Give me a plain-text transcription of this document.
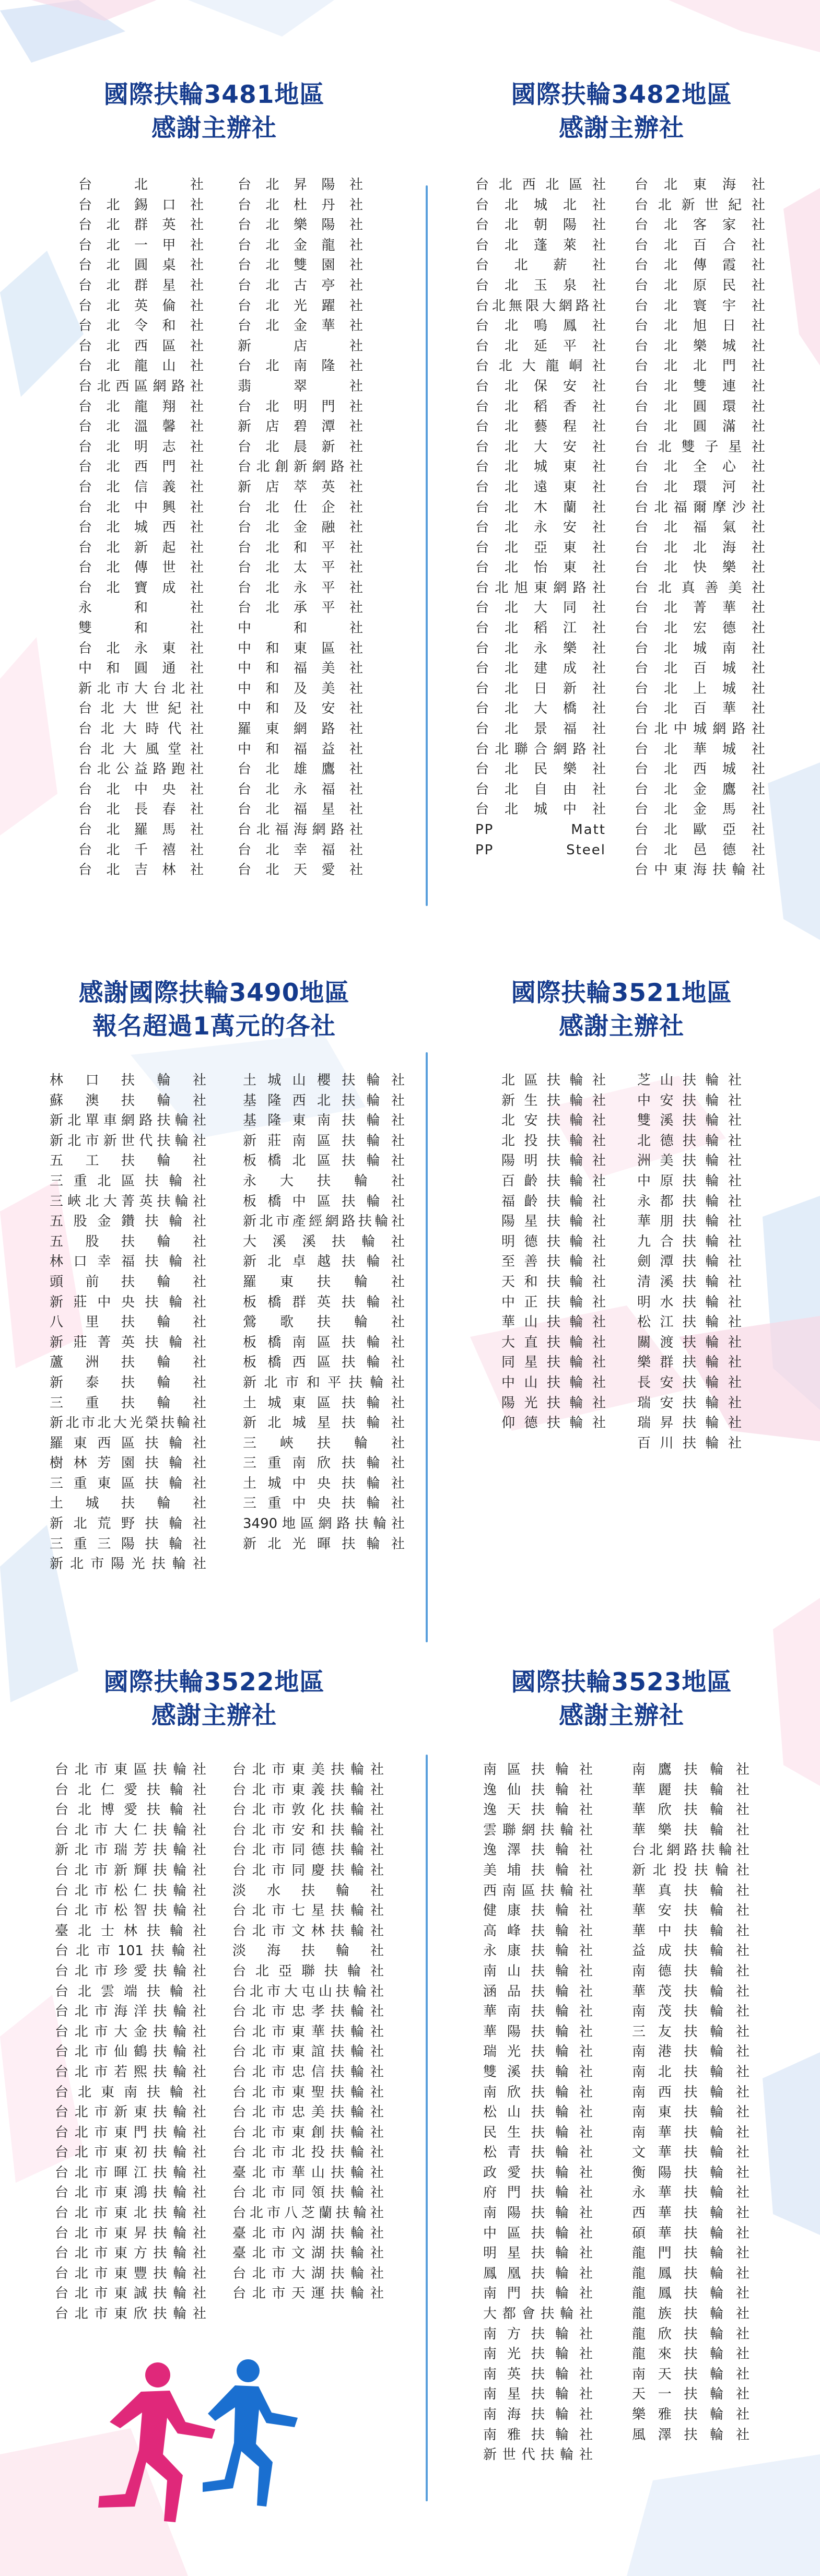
國際扶輪3481地區

感謝主辦社

台北社
台北錫口社
台北群英社
台北一甲社
台北圓桌社
台北群星社
台北英倫社
台北令和社
台北西區社
台北龍山社
台北西區網路社
台北龍翔社
台北溫馨社
台北明志社
台北西門社
台北信義社
台北中興社
台北城西社
台北新起社
台北傳世社
台北寶成社
永和社
雙和社
台北永東社
中和圓通社
新北市大台北社
台北大世紀社
台北大時代社
台北大風堂社
台北公益路跑社
台北中央社
台北長春社
台北羅馬社
台北千禧社
台北吉林社
台北昇陽社
台北杜丹社
台北樂陽社
台北金龍社
台北雙園社
台北古亭社
台北光躍社
台北金華社
新店社
台北南隆社
翡翠社
台北明門社
新店碧潭社
台北晨新社
台北創新網路社
新店萃英社
台北仕企社
台北金融社
台北和平社
台北太平社
台北永平社
台北承平社
中和社
中和東區社
中和福美社
中和及美社
中和及安社
羅東網路社
中和福益社
台北雄鷹社
台北永福社
台北福星社
台北福海網路社
台北幸福社
台北天愛社

國際扶輪3482地區

感謝主辦社

台北西北區社
台北城北社
台北朝陽社
台北蓬萊社
台北薪社
台北玉泉社
台北無限大網路社
台北鳴鳳社
台北延平社
台北大龍峒社
台北保安社
台北稻香社
台北藝程社
台北大安社
台北城東社
台北遠東社
台北木蘭社
台北永安社
台北亞東社
台北怡東社
台北旭東網路社
台北大同社
台北稻江社
台北永樂社
台北建成社
台北日新社
台北大橋社
台北景福社
台北聯合網路社
台北民樂社
台北自由社
台北城中社
PP Matt
PP Steel
台北東海社
台北新世紀社
台北客家社
台北百合社
台北傳霞社
台北原民社
台北寰宇社
台北旭日社
台北樂城社
台北北門社
台北雙連社
台北圓環社
台北圓滿社
台北雙子星社
台北全心社
台北環河社
台北福爾摩沙社
台北福氣社
台北北海社
台北快樂社
台北真善美社
台北菁華社
台北宏德社
台北城南社
台北百城社
台北上城社
台北百華社
台北中城網路社
台北華城社
台北西城社
台北金鷹社
台北金馬社
台北歐亞社
台北邑德社
台中東海扶輪社

感謝國際扶輪3490地區

報名超過1萬元的各社

林口扶輪社
蘇澳扶輪社
新北單車網路扶輪社
新北市新世代扶輪社
五工扶輪社
三重北區扶輪社
三峽北大菁英扶輪社
五股金鑽扶輪社
五股扶輪社
林口幸福扶輪社
頭前扶輪社
新莊中央扶輪社
八里扶輪社
新莊菁英扶輪社
蘆洲扶輪社
新泰扶輪社
三重扶輪社
新北市北大光榮扶輪社
羅東西區扶輪社
樹林芳園扶輪社
三重東區扶輪社
土城扶輪社
新北荒野扶輪社
三重三陽扶輪社
新北市陽光扶輪社
土城山櫻扶輪社
基隆西北扶輪社
基隆東南扶輪社
新莊南區扶輪社
板橋北區扶輪社
永大扶輪社
板橋中區扶輪社
新北市產經網路扶輪社
大溪溪扶輪社
新北卓越扶輪社
羅東扶輪社
板橋群英扶輪社
鶯歌扶輪社
板橋南區扶輪社
板橋西區扶輪社
新北市和平扶輪社
土城東區扶輪社
新北城星扶輪社
三峽扶輪社
三重南欣扶輪社
土城中央扶輪社
三重中央扶輪社
3490地區網路扶輪社
新北光暉扶輪社

國際扶輪3521地區

感謝主辦社

北區扶輪社
新生扶輪社
北安扶輪社
北投扶輪社
陽明扶輪社
百齡扶輪社
福齡扶輪社
陽星扶輪社
明德扶輪社
至善扶輪社
天和扶輪社
中正扶輪社
華山扶輪社
大直扶輪社
同星扶輪社
中山扶輪社
陽光扶輪社
仰德扶輪社
芝山扶輪社
中安扶輪社
雙溪扶輪社
北德扶輪社
洲美扶輪社
中原扶輪社
永都扶輪社
華朋扶輪社
九合扶輪社
劍潭扶輪社
清溪扶輪社
明水扶輪社
松江扶輪社
關渡扶輪社
樂群扶輪社
長安扶輪社
瑞安扶輪社
瑞昇扶輪社
百川扶輪社

國際扶輪3522地區

感謝主辦社

台北市東區扶輪社
台北仁愛扶輪社
台北博愛扶輪社
台北市大仁扶輪社
新北市瑞芳扶輪社
台北市新輝扶輪社
台北市松仁扶輪社
台北市松智扶輪社
臺北士林扶輪社
台北市101扶輪社
台北市珍愛扶輪社
台北雲端扶輪社
台北市海洋扶輪社
台北市大金扶輪社
台北市仙鶴扶輪社
台北市若熙扶輪社
台北東南扶輪社
台北市新東扶輪社
台北市東門扶輪社
台北市東初扶輪社
台北市暉江扶輪社
台北市東鴻扶輪社
台北市東北扶輪社
台北市東昇扶輪社
台北市東方扶輪社
台北市東豐扶輪社
台北市東誠扶輪社
台北市東欣扶輪社
台北市東美扶輪社
台北市東義扶輪社
台北市敦化扶輪社
台北市安和扶輪社
台北市同德扶輪社
台北市同慶扶輪社
淡水扶輪社
台北市七星扶輪社
台北市文林扶輪社
淡海扶輪社
台北亞聯扶輪社
台北市大屯山扶輪社
台北市忠孝扶輪社
台北市東華扶輪社
台北市東誼扶輪社
台北市忠信扶輪社
台北市東聖扶輪社
台北市忠美扶輪社
台北市東創扶輪社
台北市北投扶輪社
臺北市華山扶輪社
台北市同領扶輪社
台北市八芝蘭扶輪社
臺北市內湖扶輪社
臺北市文湖扶輪社
台北市大湖扶輪社
台北市天運扶輪社

國際扶輪3523地區

感謝主辦社

南區扶輪社
逸仙扶輪社
逸天扶輪社
雲聯網扶輪社
逸澤扶輪社
美埔扶輪社
西南區扶輪社
健康扶輪社
高峰扶輪社
永康扶輪社
南山扶輪社
涵品扶輪社
華南扶輪社
華陽扶輪社
瑞光扶輪社
雙溪扶輪社
南欣扶輪社
松山扶輪社
民生扶輪社
松青扶輪社
政愛扶輪社
府門扶輪社
南陽扶輪社
中區扶輪社
明星扶輪社
鳳凰扶輪社
南門扶輪社
大都會扶輪社
南方扶輪社
南光扶輪社
南英扶輪社
南星扶輪社
南海扶輪社
南雅扶輪社
新世代扶輪社
南鷹扶輪社
華麗扶輪社
華欣扶輪社
華樂扶輪社
台北網路扶輪社
新北投扶輪社
華真扶輪社
華安扶輪社
華中扶輪社
益成扶輪社
南德扶輪社
華茂扶輪社
南茂扶輪社
三友扶輪社
南港扶輪社
南北扶輪社
南西扶輪社
南東扶輪社
南華扶輪社
文華扶輪社
衡陽扶輪社
永華扶輪社
西華扶輪社
碩華扶輪社
龍門扶輪社
龍鳳扶輪社
龍鳳扶輪社
龍族扶輪社
龍欣扶輪社
龍來扶輪社
南天扶輪社
天一扶輪社
樂雅扶輪社
風澤扶輪社
